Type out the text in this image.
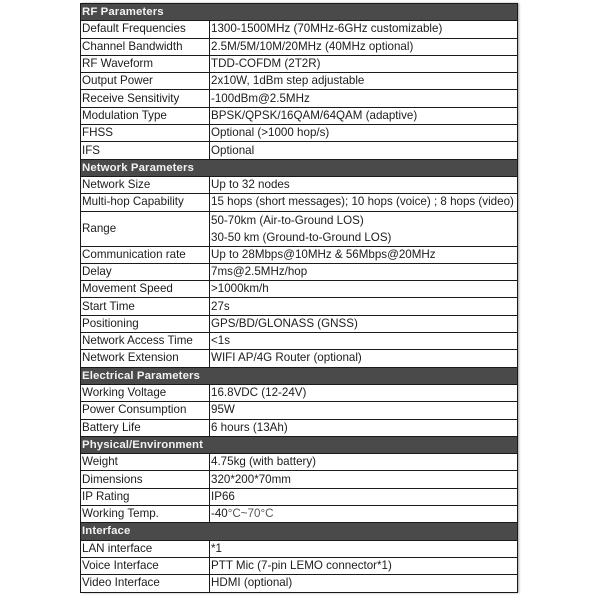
RF Parameters	
Default Frequencies	1300-1500MHz (70MHz-6GHz customizable)
Channel Bandwidth	2.5M/5M/10M/20MHz (40MHz optional)
RF Waveform	TDD-COFDM (2T2R)
Output Power	2x10W, 1dBm step adjustable
Receive Sensitivity	-100dBm@2.5MHz
Modulation Type	BPSK/QPSK/16QAM/64QAM (adaptive)
FHSS	Optional (>1000 hop/s)
IFS	Optional
Network Parameters	
Network Size	Up to 32 nodes
Multi-hop Capability	15 hops (short messages); 10 hops (voice) ; 8 hops (video)
Range	50-70km (Air-to-Ground LOS)
30-50 km (Ground-to-Ground LOS)

Communication rate	Up to 28Mbps@10MHz & 56Mbps@20MHz
Delay	7ms@2.5MHz/hop
Movement Speed	>1000km/h
Start Time	27s
Positioning	GPS/BD/GLONASS (GNSS)
Network Access Time	<1s
Network Extension	WIFI AP/4G Router (optional)
Electrical Parameters	
Working Voltage	16.8VDC (12-24V)
Power Consumption	95W
Battery Life	6 hours (13Ah)
Physical/Environment	
Weight	4.75kg (with battery)
Dimensions	320*200*70mm
IP Rating	IP66
Working Temp.	-40°C~70°C
Interface	
LAN interface	*1
Voice Interface	PTT Mic (7-pin LEMO connector*1)
Video Interface	HDMI (optional)
